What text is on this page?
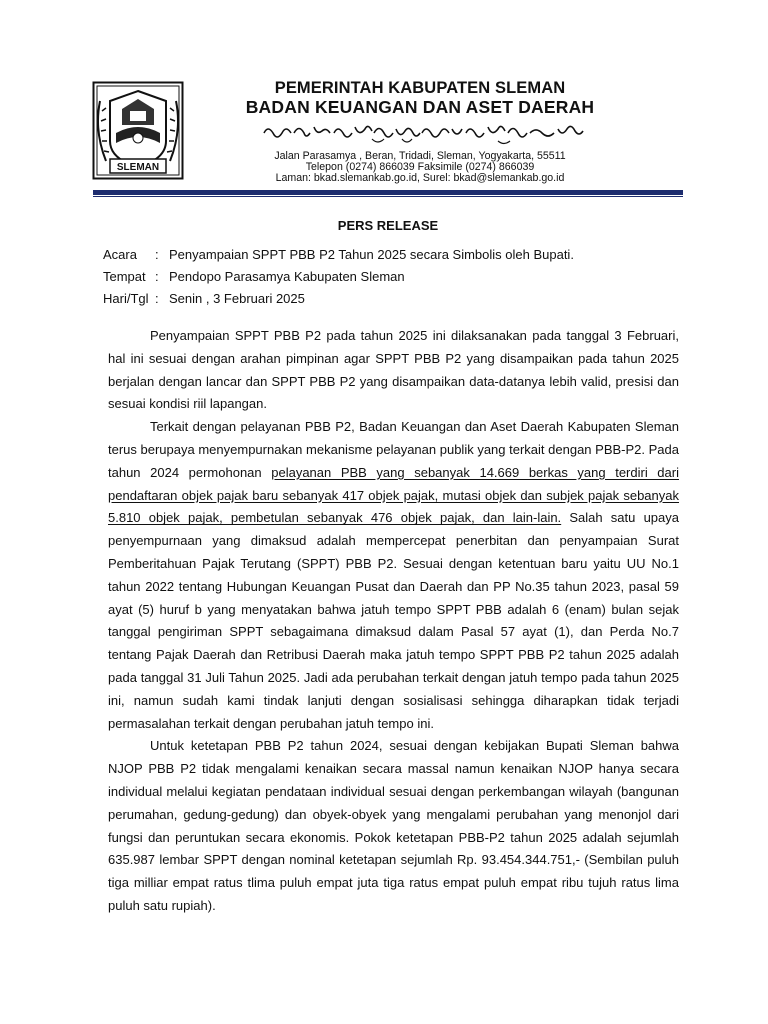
SLEMAN
PEMERINTAH KABUPATEN SLEMAN
BADAN KEUANGAN DAN ASET DAERAH
Jalan Parasamya , Beran, Tridadi, Sleman, Yogyakarta, 55511
Telepon (0274) 866039 Faksimile (0274) 866039
Laman: bkad.slemankab.go.id, Surel: bkad@slemankab.go.id
PERS RELEASE
Acara : Penyampaian SPPT PBB P2 Tahun 2025 secara Simbolis oleh Bupati.
Tempat : Pendopo Parasamya Kabupaten Sleman
Hari/Tgl : Senin , 3 Februari 2025

Penyampaian SPPT PBB P2 pada tahun 2025 ini dilaksanakan pada tanggal 3 Februari, hal ini sesuai dengan arahan pimpinan agar SPPT PBB P2 yang disampaikan pada tahun 2025 berjalan dengan lancar dan SPPT PBB P2 yang disampaikan data-datanya lebih valid, presisi dan sesuai kondisi riil lapangan.

Terkait dengan pelayanan PBB P2, Badan Keuangan dan Aset Daerah Kabupaten Sleman terus berupaya menyempurnakan mekanisme pelayanan publik yang terkait dengan PBB-P2. Pada tahun 2024 permohonan pelayanan PBB yang sebanyak 14.669 berkas yang terdiri dari pendaftaran objek pajak baru sebanyak 417 objek pajak, mutasi objek dan subjek pajak sebanyak 5.810 objek pajak, pembetulan sebanyak 476 objek pajak, dan lain-lain. Salah satu upaya penyempurnaan yang dimaksud adalah mempercepat penerbitan dan penyampaian Surat Pemberitahuan Pajak Terutang (SPPT) PBB P2. Sesuai dengan ketentuan baru yaitu UU No.1 tahun 2022 tentang Hubungan Keuangan Pusat dan Daerah dan PP No.35 tahun 2023, pasal 59 ayat (5) huruf b yang menyatakan bahwa jatuh tempo SPPT PBB adalah 6 (enam) bulan sejak tanggal pengiriman SPPT sebagaimana dimaksud dalam Pasal 57 ayat (1), dan Perda No.7 tentang Pajak Daerah dan Retribusi Daerah maka jatuh tempo SPPT PBB P2 tahun 2025 adalah pada tanggal 31 Juli Tahun 2025. Jadi ada perubahan terkait dengan jatuh tempo pada tahun 2025 ini, namun sudah kami tindak lanjuti dengan sosialisasi sehingga diharapkan tidak terjadi permasalahan terkait dengan perubahan jatuh tempo ini.

Untuk ketetapan PBB P2 tahun 2024, sesuai dengan kebijakan Bupati Sleman bahwa NJOP PBB P2 tidak mengalami kenaikan secara massal namun kenaikan NJOP hanya secara individual melalui kegiatan pendataan individual sesuai dengan perkembangan wilayah (bangunan perumahan, gedung-gedung) dan obyek-obyek yang mengalami perubahan yang menonjol dari fungsi dan peruntukan secara ekonomis. Pokok ketetapan PBB-P2 tahun 2025 adalah sejumlah 635.987 lembar SPPT dengan nominal ketetapan sejumlah Rp. 93.454.344.751,- (Sembilan puluh tiga milliar empat ratus tlima puluh empat juta tiga ratus empat puluh empat ribu tujuh ratus lima puluh satu rupiah).
